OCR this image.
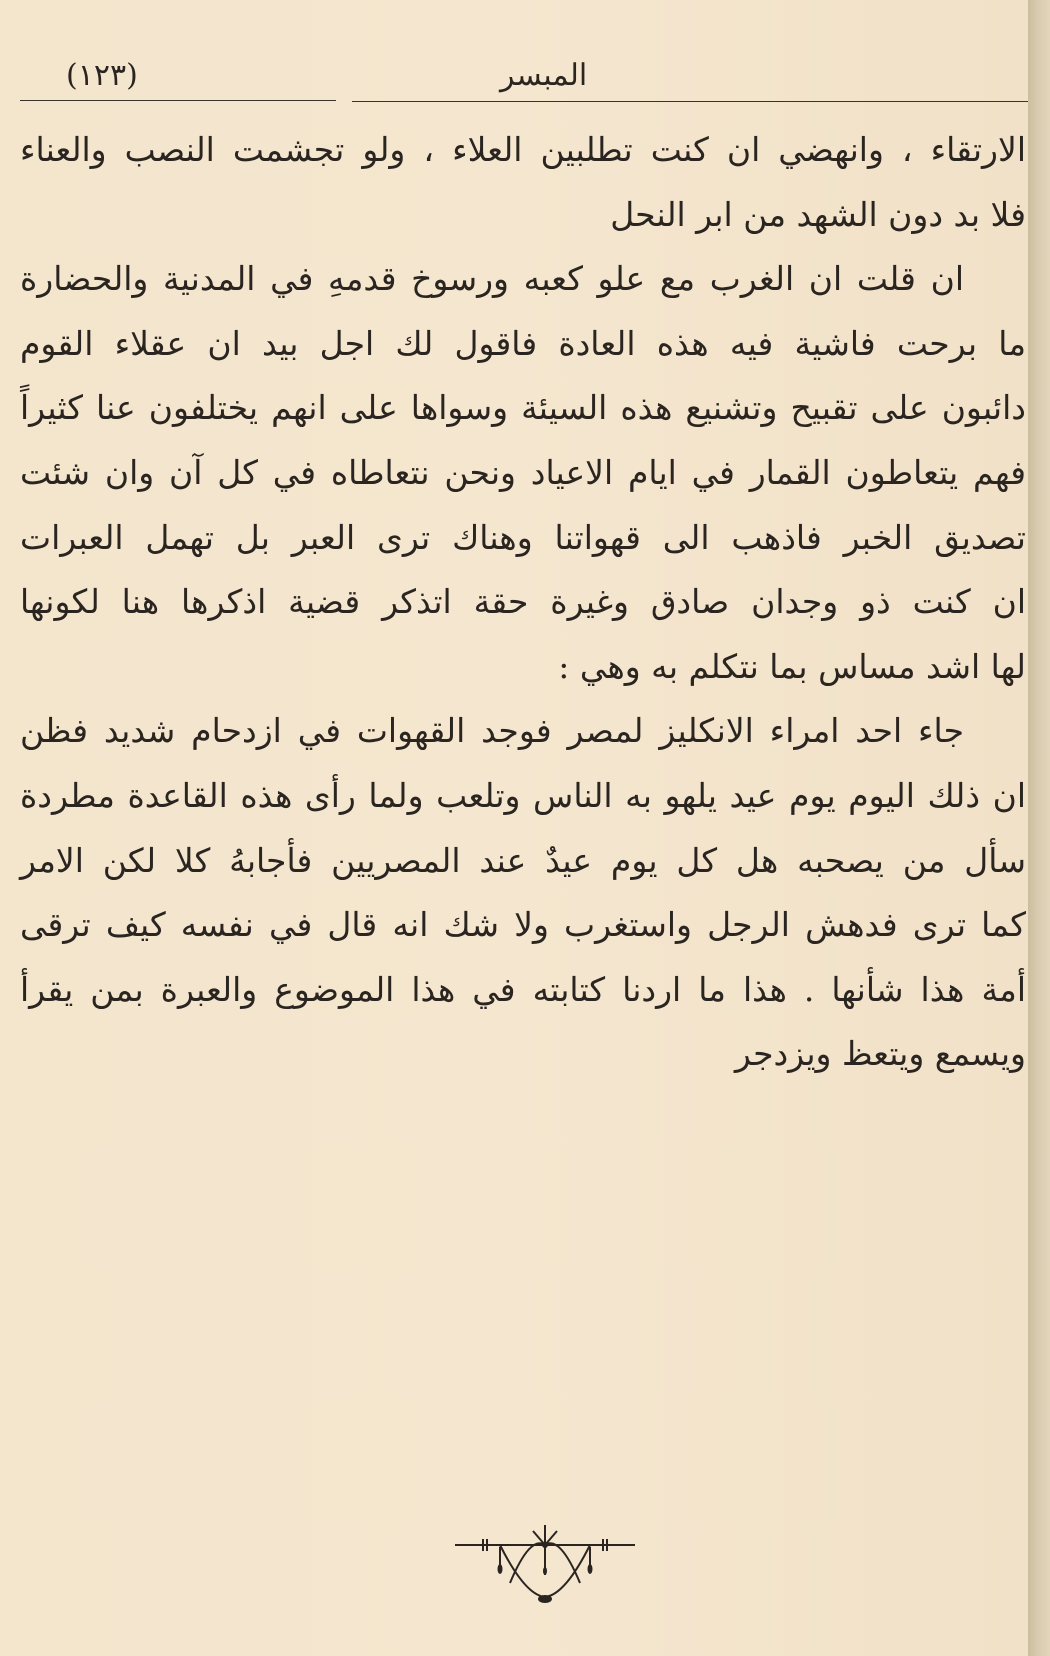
(١٢٣)	المبسر
الارتقاء ، وانهضي ان كنت تطلبين العلاء ، ولو تجشمت النصب والعناء
فلا بد دون الشهد من ابر النحل
ان قلت ان الغرب مع علو كعبه ورسوخ قدمهِ في المدنية والحضارة
ما برحت فاشية فيه هذه العادة فاقول لك اجل بيد ان عقلاء القوم
دائبون على تقبيح وتشنيع هذه السيئة وسواها على انهم يختلفون عنا كثيراً
فهم يتعاطون القمار في ايام الاعياد ونحن نتعاطاه في كل آن وان شئت
تصديق الخبر فاذهب الى قهواتنا وهناك ترى العبر بل تهمل العبرات
ان كنت ذو وجدان صادق وغيرة حقة اتذكر قضية اذكرها هنا لكونها
لها اشد مساس بما نتكلم به وهي :
جاء احد امراء الانكليز لمصر فوجد القهوات في ازدحام شديد فظن
ان ذلك اليوم يوم عيد يلهو به الناس وتلعب ولما رأى هذه القاعدة مطردة
سأل من يصحبه هل كل يوم عيدٌ عند المصريين فأجابهُ كلا لكن الامر
كما ترى فدهش الرجل واستغرب ولا شك انه قال في نفسه كيف ترقى
أمة هذا شأنها . هذا ما اردنا كتابته في هذا الموضوع والعبرة بمن يقرأ
ويسمع ويتعظ ويزدجر
